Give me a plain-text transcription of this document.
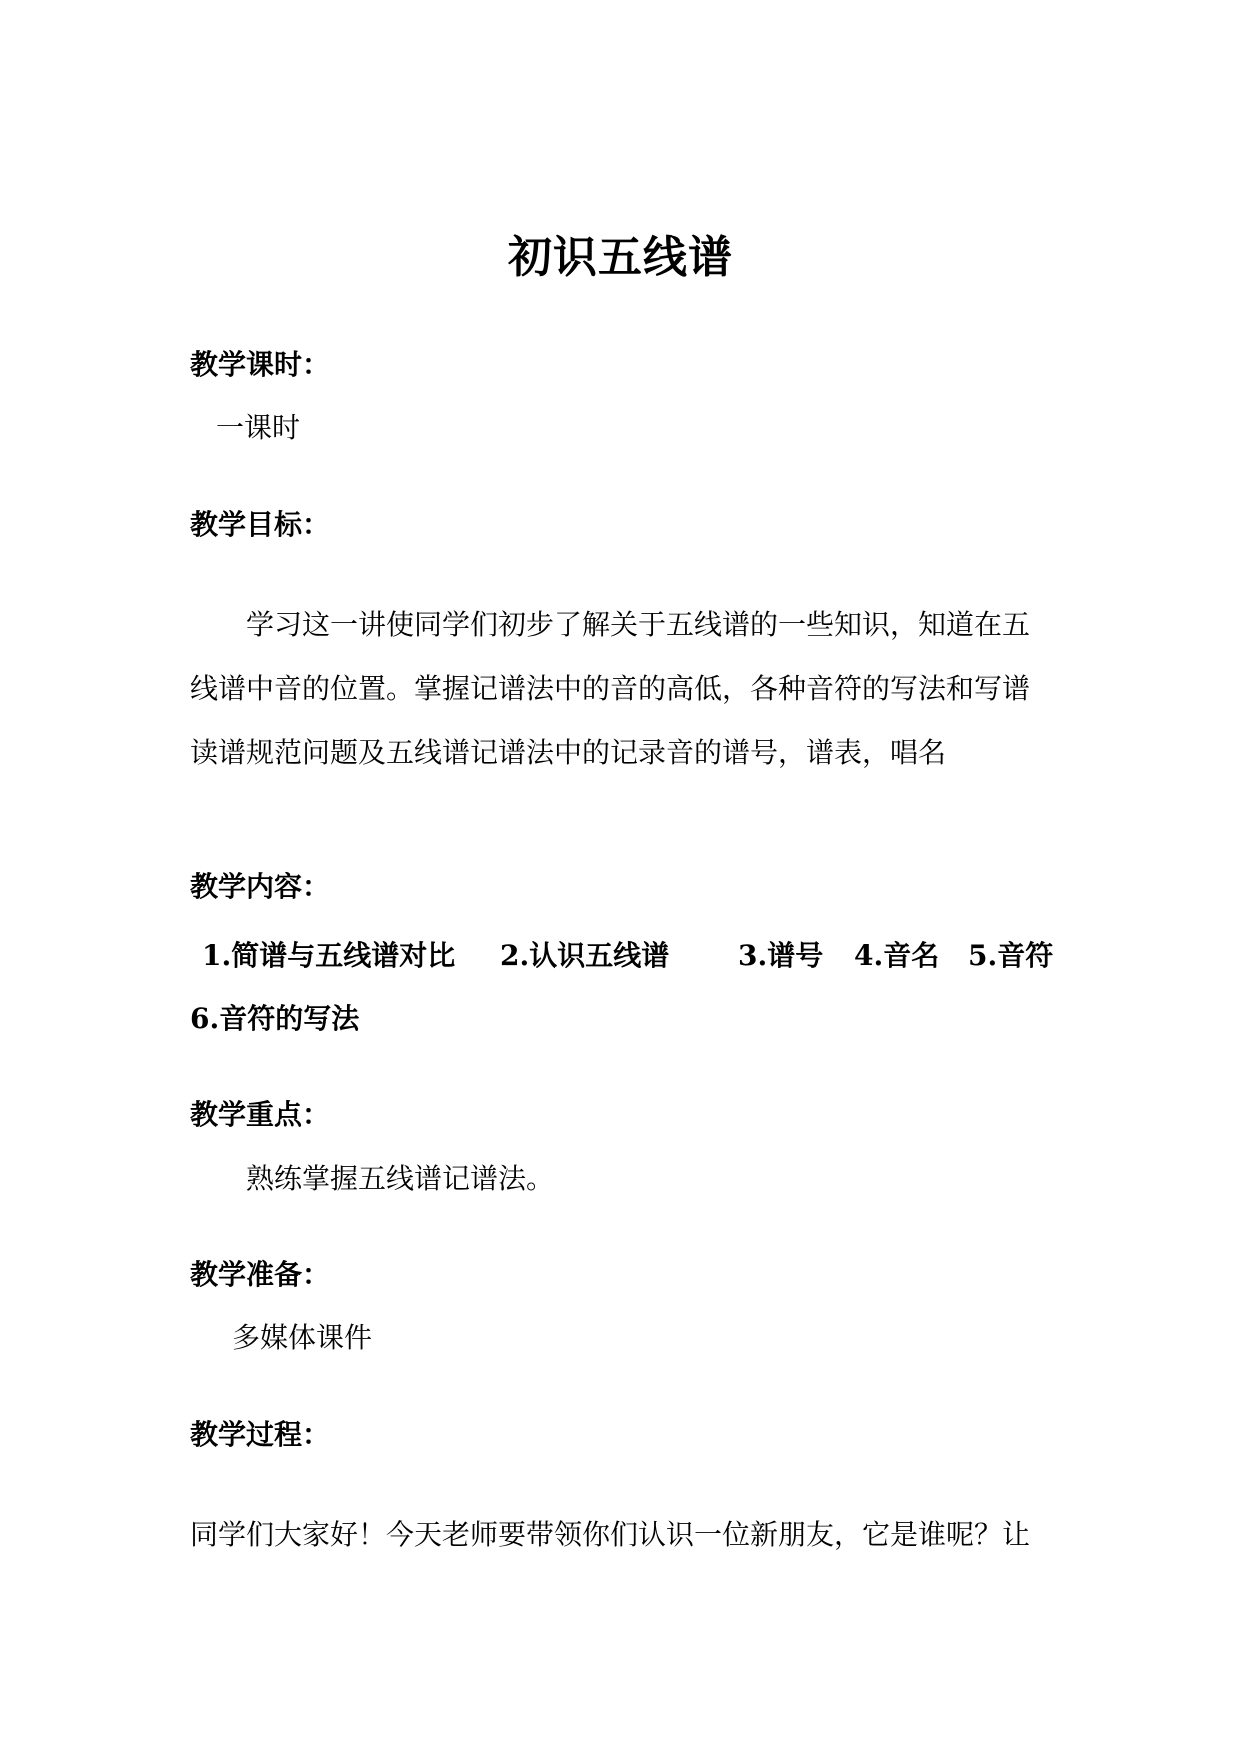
初识五线谱
教学课时：
一课时
教学目标：
学习这一讲使同学们初步了解关于五线谱的一些知识，知道在五
线谱中音的位置。掌握记谱法中的音的高低，各种音符的写法和写谱
读谱规范问题及五线谱记谱法中的记录音的谱号，谱表，唱名
教学内容：
1.简谱与五线谱对比 2.认识五线谱 3.谱号 4.音名 5.音符
6.音符的写法
教学重点：
熟练掌握五线谱记谱法。
教学准备：
多媒体课件
教学过程：
同学们大家好！今天老师要带领你们认识一位新朋友，它是谁呢？让
